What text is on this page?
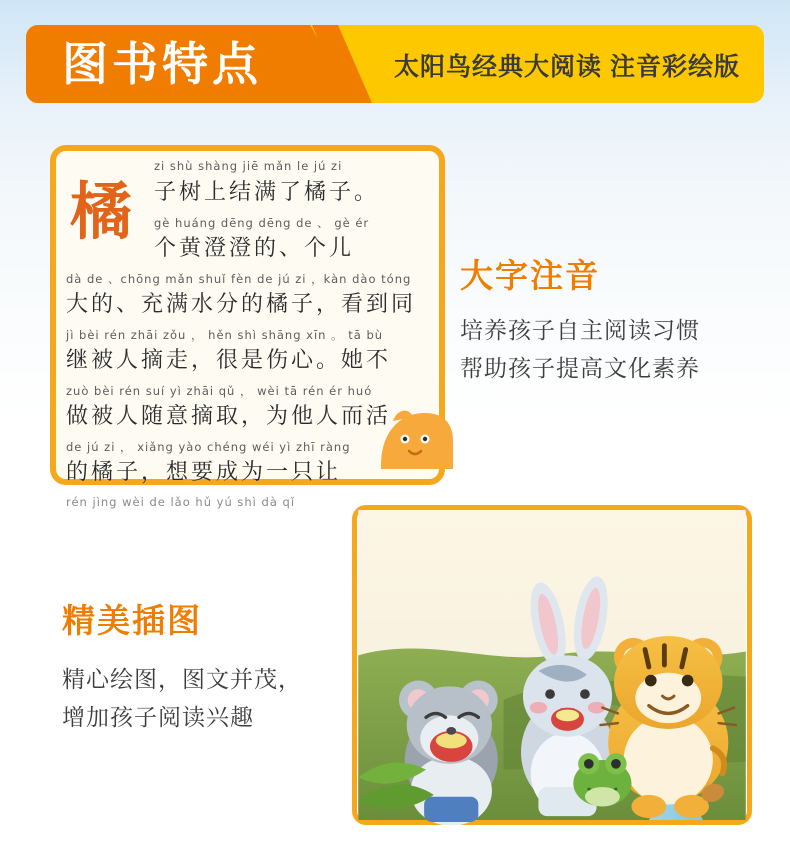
图书特点	太阳鸟经典大阅读 注音彩绘版
橘
zi shù shàng jiē mǎn le jú zi
子树上结满了橘子。
gè huáng dēng dēng de 、 gè ér
个黄澄澄的、个儿
dà de 、chōng mǎn shuǐ fèn de jú zi ，kàn dào tóng
大的、充满水分的橘子，看到同
jì bèi rén zhāi zǒu ， hěn shì shāng xīn 。 tā bù
继被人摘走，很是伤心。她不
zuò bèi rén suí yì zhāi qǔ ， wèi tā rén ér huó
做被人随意摘取，为他人而活
de jú zi ， xiǎng yào chéng wéi yì zhī ràng
的橘子，想要成为一只让
rén jìng wèi de lǎo hǔ yú shì dà qǐ
大字注音
培养孩子自主阅读习惯
帮助孩子提高文化素养
精美插图
精心绘图，图文并茂，
增加孩子阅读兴趣
